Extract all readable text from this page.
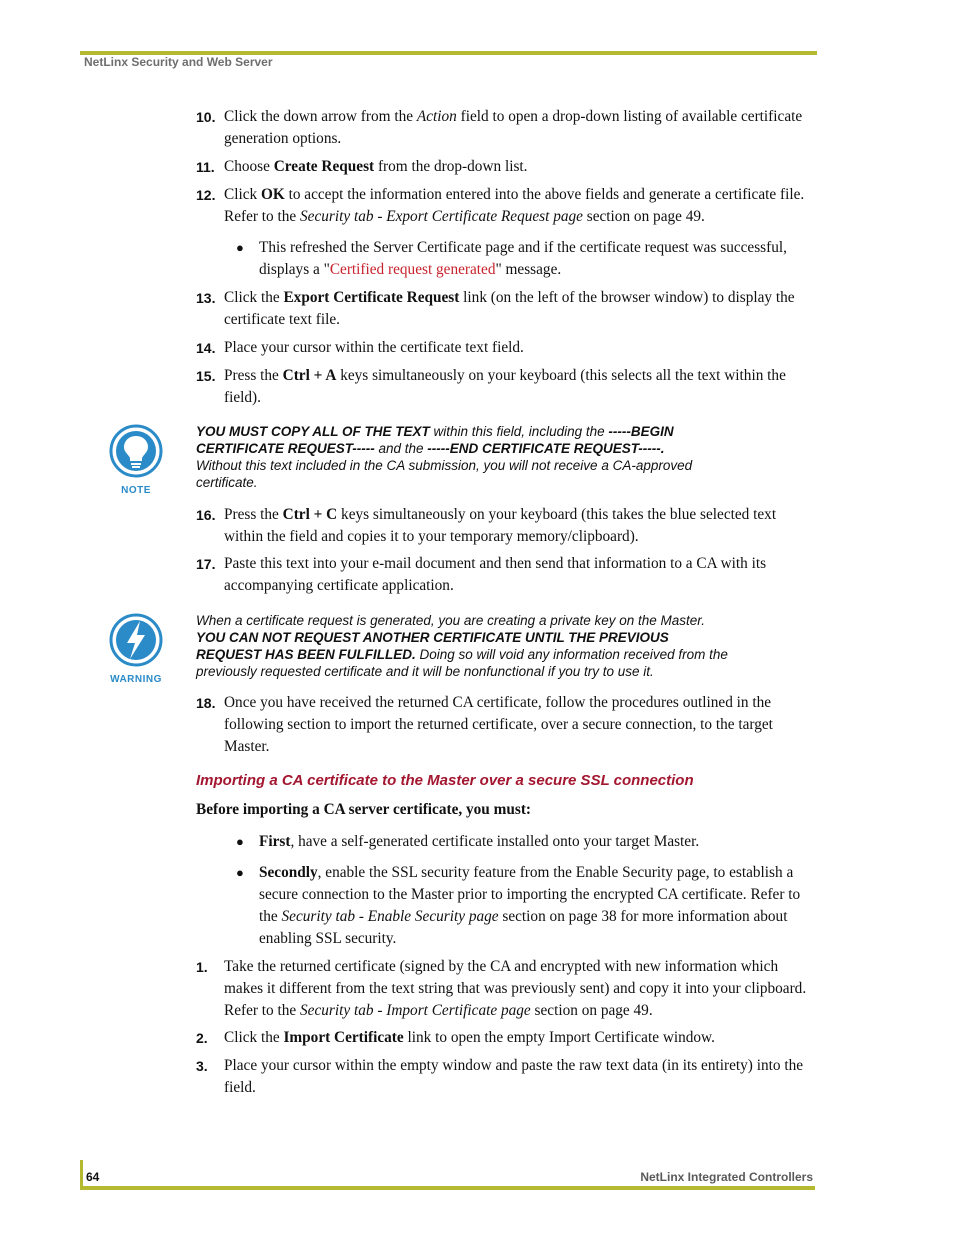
NetLinx Security and Web Server
10. Click the down arrow from the Action field to open a drop-down listing of available certificate generation options.
11. Choose Create Request from the drop-down list.
12. Click OK to accept the information entered into the above fields and generate a certificate file. Refer to the Security tab - Export Certificate Request page section on page 49.
● This refreshed the Server Certificate page and if the certificate request was successful, displays a "Certified request generated" message.
13. Click the Export Certificate Request link (on the left of the browser window) to display the certificate text file.
14. Place your cursor within the certificate text field.
15. Press the Ctrl + A keys simultaneously on your keyboard (this selects all the text within the field).
NOTE
YOU MUST COPY ALL OF THE TEXT within this field, including the -----BEGIN CERTIFICATE REQUEST----- and the -----END CERTIFICATE REQUEST-----.
Without this text included in the CA submission, you will not receive a CA-approved certificate.
16. Press the Ctrl + C keys simultaneously on your keyboard (this takes the blue selected text within the field and copies it to your temporary memory/clipboard).
17. Paste this text into your e-mail document and then send that information to a CA with its accompanying certificate application.
WARNING
When a certificate request is generated, you are creating a private key on the Master.
YOU CAN NOT REQUEST ANOTHER CERTIFICATE UNTIL THE PREVIOUS REQUEST HAS BEEN FULFILLED. Doing so will void any information received from the previously requested certificate and it will be nonfunctional if you try to use it.
18. Once you have received the returned CA certificate, follow the procedures outlined in the following section to import the returned certificate, over a secure connection, to the target Master.
Importing a CA certificate to the Master over a secure SSL connection
Before importing a CA server certificate, you must:
● First, have a self-generated certificate installed onto your target Master.
● Secondly, enable the SSL security feature from the Enable Security page, to establish a secure connection to the Master prior to importing the encrypted CA certificate. Refer to the Security tab - Enable Security page section on page 38 for more information about enabling SSL security.
1.	Take the returned certificate (signed by the CA and encrypted with new information which makes it different from the text string that was previously sent) and copy it into your clipboard. Refer to the Security tab - Import Certificate page section on page 49.
2.	Click the Import Certificate link to open the empty Import Certificate window.
3.	Place your cursor within the empty window and paste the raw text data (in its entirety) into the field.
64	NetLinx Integrated Controllers
